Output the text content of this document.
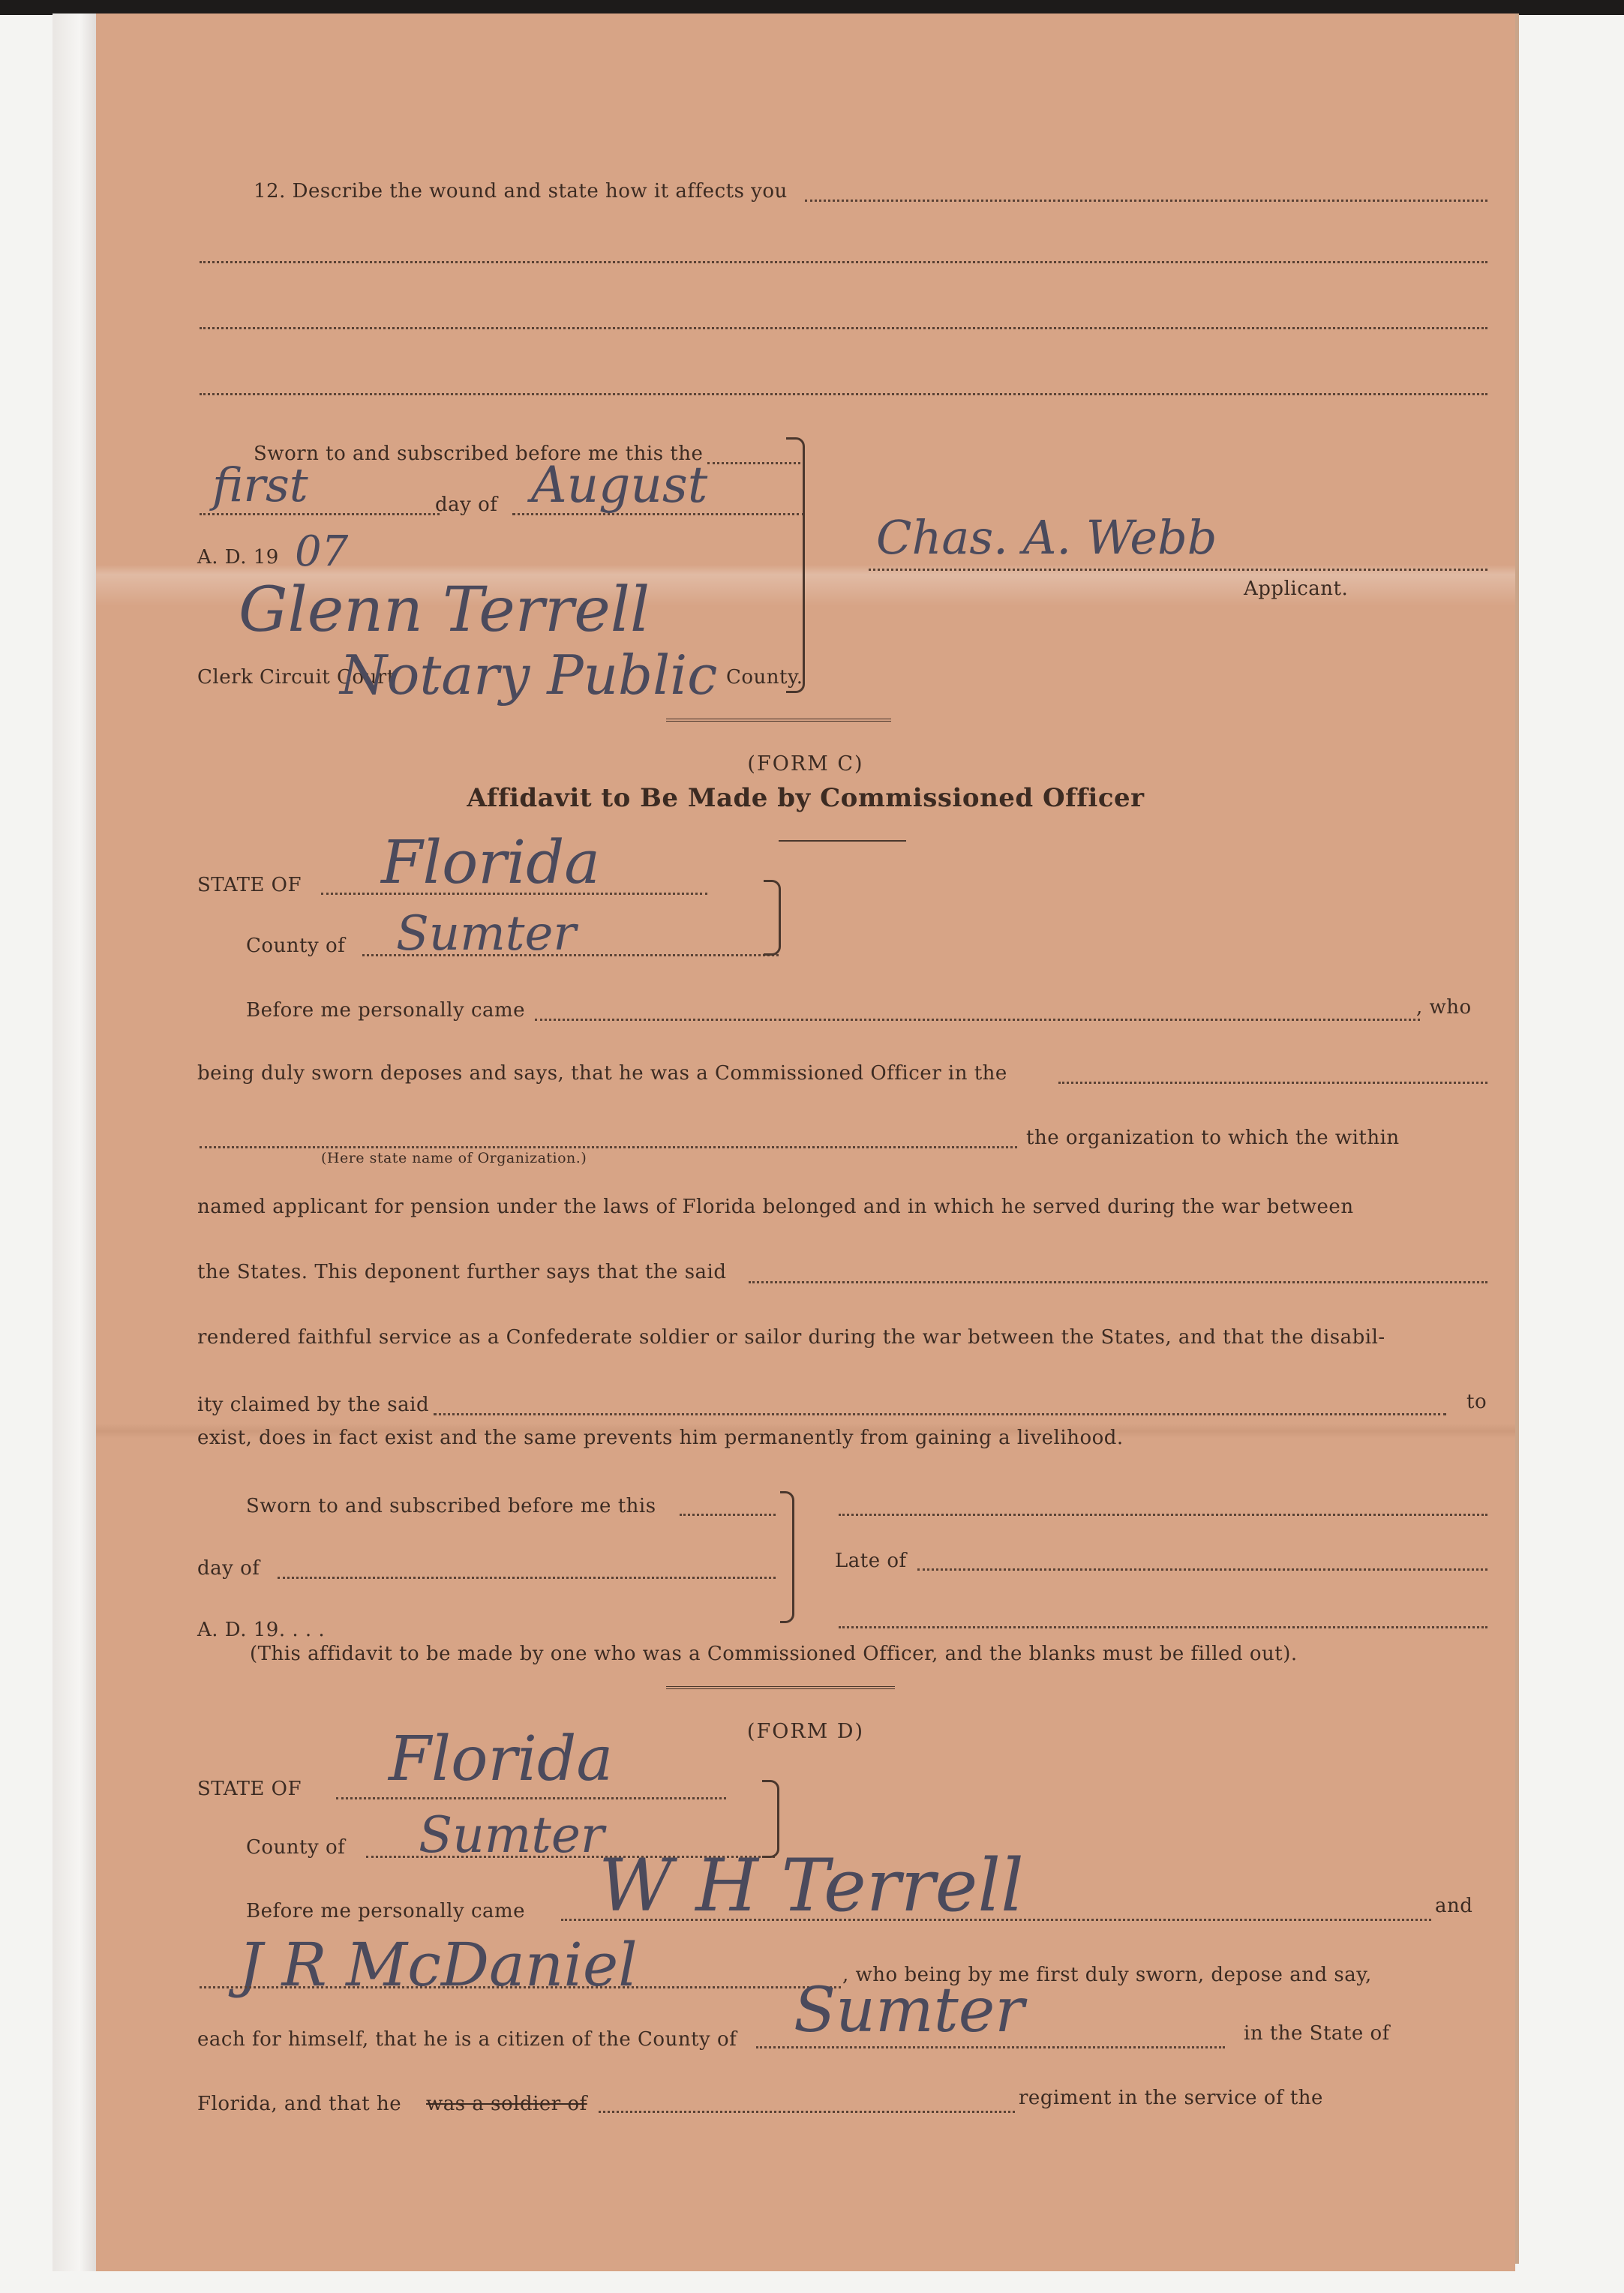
12. Describe the wound and state how it affects you
Sworn to and subscribed before me this the
first	day of August
A. D. 19 07
Glenn Terrell
Clerk Circuit Court
Notary Public County.
Chas. A. Webb
Applicant.
(FORM C)
Affidavit to Be Made by Commissioned Officer
STATE OF Florida
County of Sumter
Before me personally came	, who
being duly sworn deposes and says, that he was a Commissioned Officer in the
the organization to which the within
(Here state name of Organization.)
named applicant for pension under the laws of Florida belonged and in which he served during the war between
the States. This deponent further says that the said
rendered faithful service as a Confederate soldier or sailor during the war between the States, and that the disabil-
ity claimed by the said	to
exist, does in fact exist and the same prevents him permanently from gaining a livelihood.
Sworn to and subscribed before me this
day of
A. D. 19. . . .
Late of
(This affidavit to be made by one who was a Commissioned Officer, and the blanks must be filled out).
(FORM D)
STATE OF Florida
County of Sumter
Before me personally came W H Terrell	and
J R McDaniel	, who being by me first duly sworn, depose and say,
each for himself, that he is a citizen of the County of Sumter	in the State of
Florida, and that he was a soldier of	regiment in the service of the
